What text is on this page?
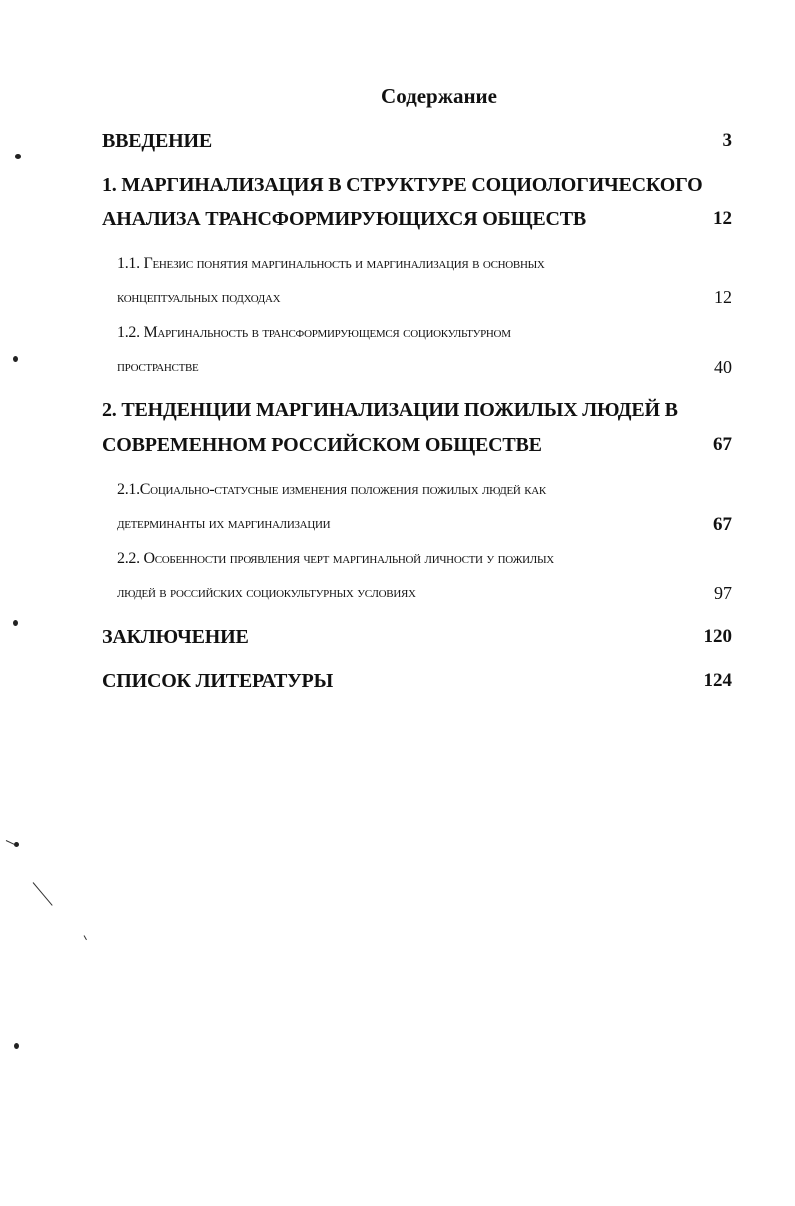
Содержание
ВВЕДЕНИЕ	3
1. МАРГИНАЛИЗАЦИЯ В СТРУКТУРЕ СОЦИОЛОГИЧЕСКОГО
АНАЛИЗА ТРАНСФОРМИРУЮЩИХСЯ ОБЩЕСТВ	12
1.1. Генезис понятия маргинальность и маргинализация в основных
концептуальных подходах	12
1.2. Маргинальность в трансформирующемся социокультурном
пространстве	40
2. ТЕНДЕНЦИИ МАРГИНАЛИЗАЦИИ ПОЖИЛЫХ ЛЮДЕЙ В
СОВРЕМЕННОМ РОССИЙСКОМ ОБЩЕСТВЕ	67
2.1.Социально-статусные изменения положения пожилых людей как
детерминанты их маргинализации	67
2.2. Особенности проявления черт маргинальной личности у пожилых
людей в российских социокультурных условиях	97
ЗАКЛЮЧЕНИЕ	120
СПИСОК ЛИТЕРАТУРЫ	124
